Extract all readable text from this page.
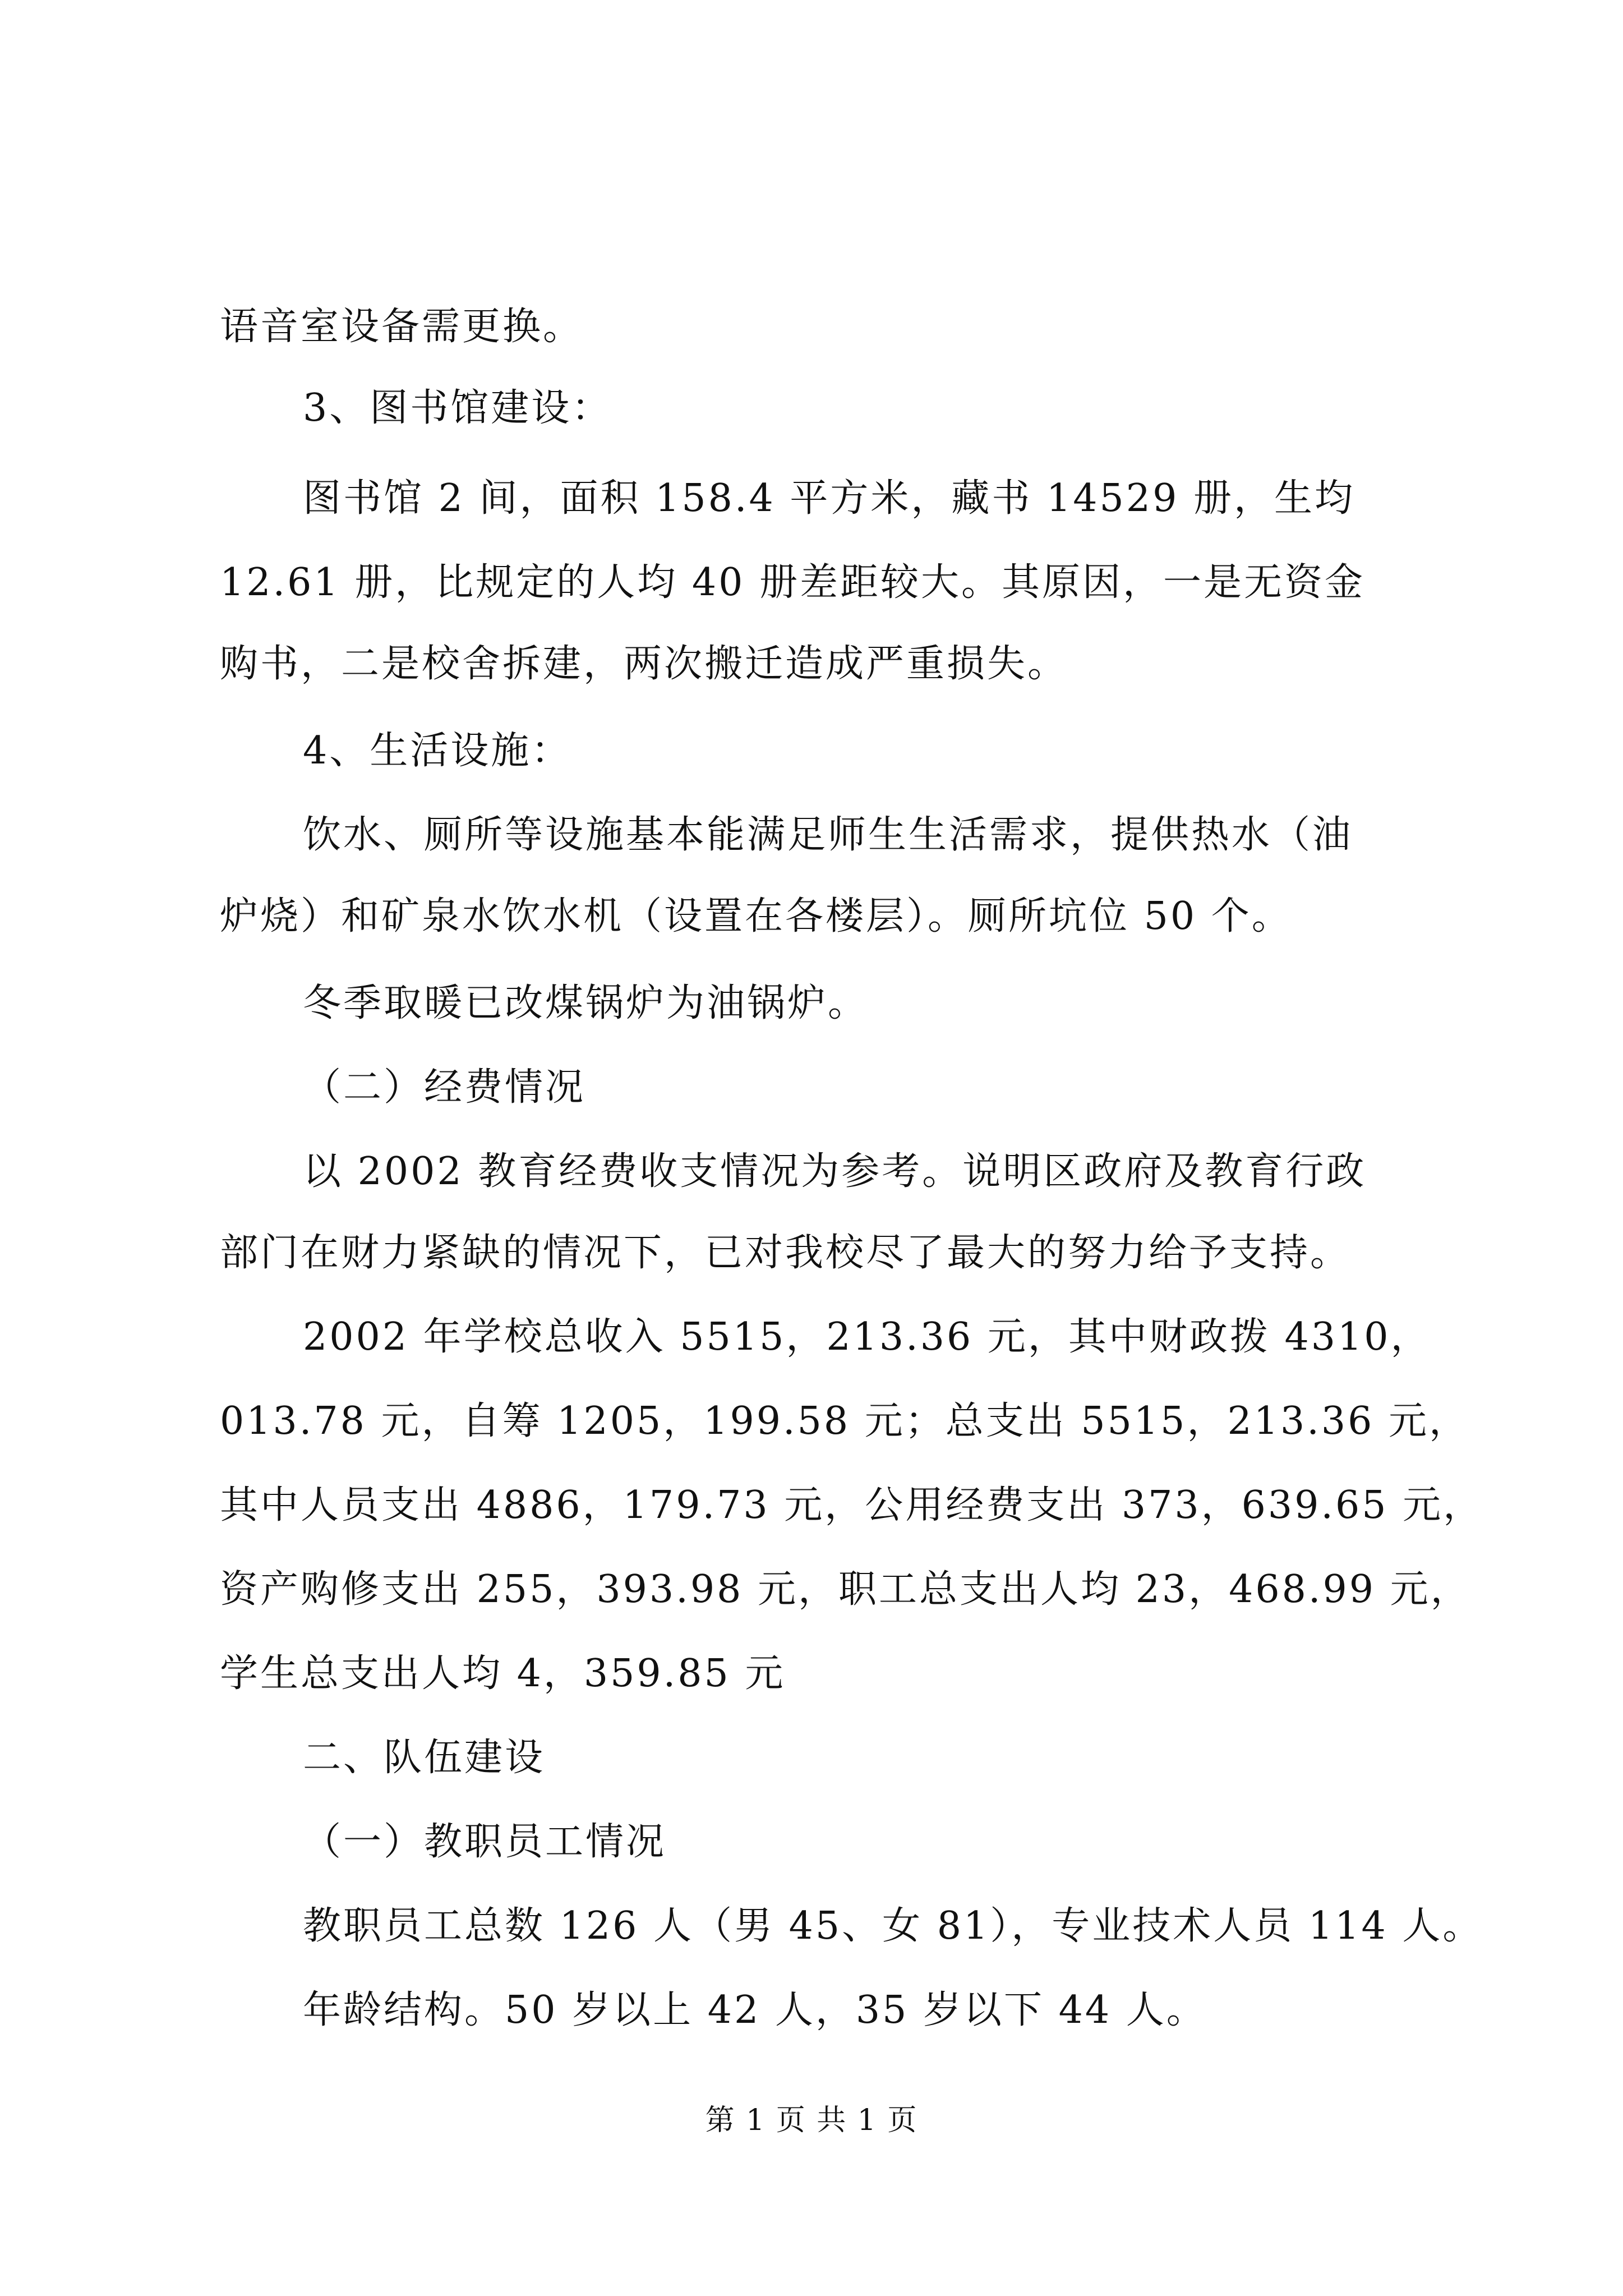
语音室设备需更换。
3、图书馆建设：
图书馆 2 间，面积 158.4 平方米，藏书 14529 册，生均
12.61 册，比规定的人均 40 册差距较大。其原因，一是无资金
购书，二是校舍拆建，两次搬迁造成严重损失。
4、生活设施：
饮水、厕所等设施基本能满足师生生活需求，提供热水（油
炉烧）和矿泉水饮水机（设置在各楼层）。厕所坑位 50 个。
冬季取暖已改煤锅炉为油锅炉。
（二）经费情况
以 2002 教育经费收支情况为参考。说明区政府及教育行政
部门在财力紧缺的情况下，已对我校尽了最大的努力给予支持。
2002 年学校总收入 5515，213.36 元，其中财政拨 4310，
013.78 元，自筹 1205，199.58 元；总支出 5515，213.36 元，
其中人员支出 4886，179.73 元，公用经费支出 373，639.65 元，
资产购修支出 255，393.98 元，职工总支出人均 23，468.99 元，
学生总支出人均 4，359.85 元
二、队伍建设
（一）教职员工情况
教职员工总数 126 人（男 45、女 81），专业技术人员 114 人。
年龄结构。50 岁以上 42 人，35 岁以下 44 人。
第 1 页 共 1 页
